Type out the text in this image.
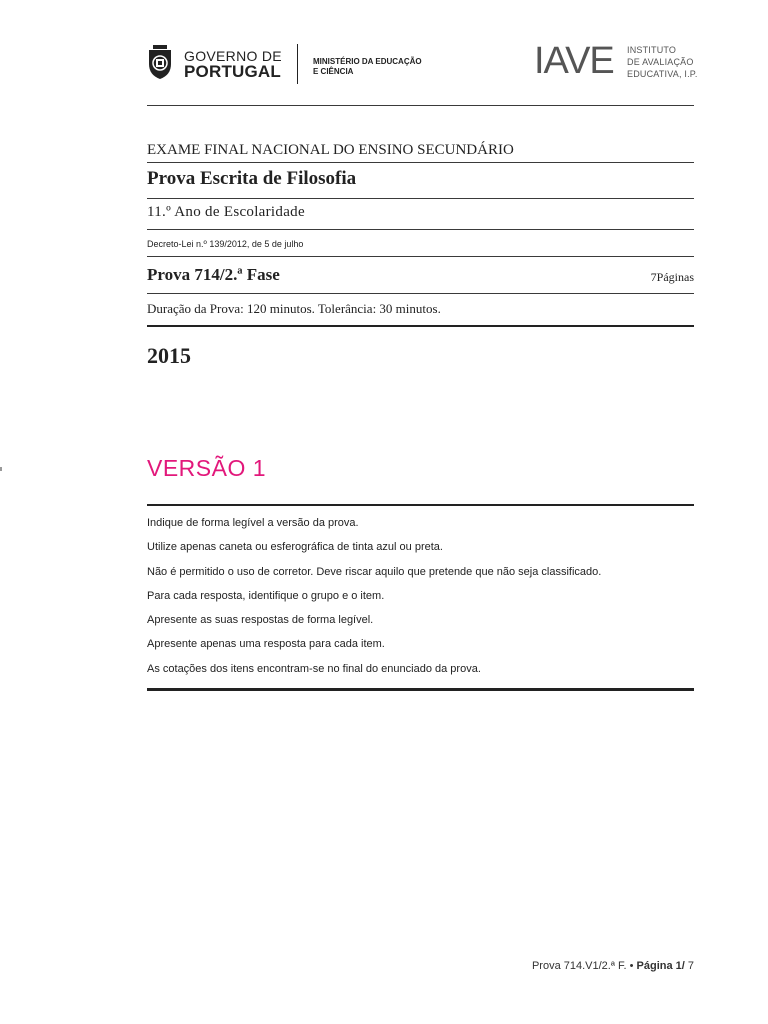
GOVERNO DE
PORTUGAL
MINISTÉRIO DA EDUCAÇÃO
E CIÊNCIA	IAVE INSTITUTO
DE AVALIAÇÃO
EDUCATIVA, I.P.
EXAME FINAL NACIONAL DO ENSINO SECUNDÁRIO
Prova Escrita de Filosofia
11.º Ano de Escolaridade
Decreto-Lei n.º 139/2012, de 5 de julho
Prova 714/2.ª Fase	7Páginas
Duração da Prova: 120 minutos. Tolerância: 30 minutos.
2015
VERSÃO 1
Indique de forma legível a versão da prova.
Utilize apenas caneta ou esferográfica de tinta azul ou preta.
Não é permitido o uso de corretor. Deve riscar aquilo que pretende que não seja classificado.
Para cada resposta, identifique o grupo e o item.
Apresente as suas respostas de forma legível.
Apresente apenas uma resposta para cada item.
As cotações dos itens encontram-se no final do enunciado da prova.
Prova 714.V1/2.ª F. • Página 1/ 7
